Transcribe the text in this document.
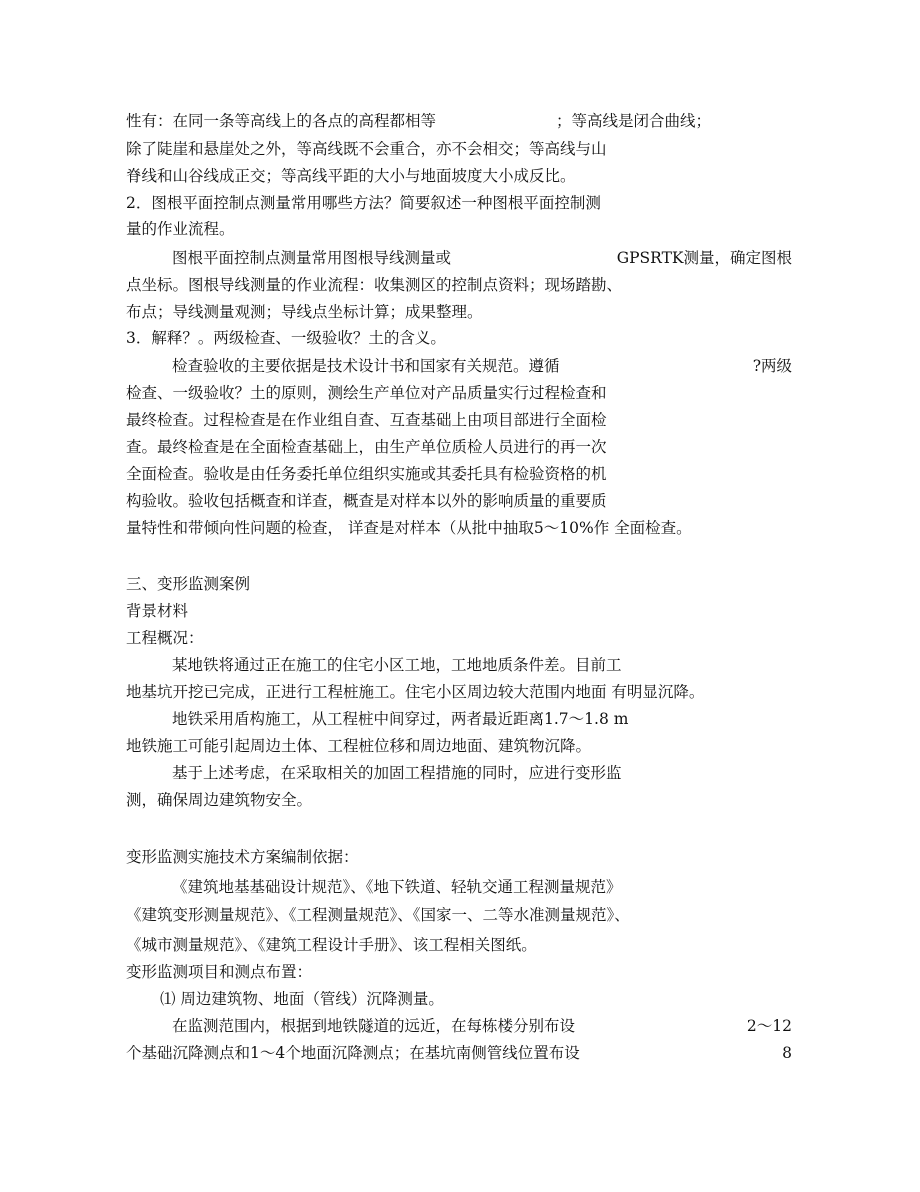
性有：在同一条等高线上的各点的高程都相等	；等高线是闭合曲线；
除了陡崖和悬崖处之外，等高线既不会重合，亦不会相交；等高线与山
脊线和山谷线成正交；等高线平距的大小与地面坡度大小成反比。
2．图根平面控制点测量常用哪些方法？简要叙述一种图根平面控制测
量的作业流程。
图根平面控制点测量常用图根导线测量或	GPSRTK测量，确定图根
点坐标。图根导线测量的作业流程：收集测区的控制点资料；现场踏勘、
布点；导线测量观测；导线点坐标计算；成果整理。
3．解释？。两级检查、一级验收？土的含义。
检查验收的主要依据是技术设计书和国家有关规范。遵循	?两级
检查、一级验收？土的原则，测绘生产单位对产品质量实行过程检查和
最终检查。过程检查是在作业组自查、互查基础上由项目部进行全面检
查。最终检查是在全面检查基础上，由生产单位质检人员进行的再一次
全面检查。验收是由任务委托单位组织实施或其委托具有检验资格的机
构验收。验收包括概查和详查，概查是对样本以外的影响质量的重要质
量特性和带倾向性问题的检查， 详查是对样本（从批中抽取5～10%作 全面检查。
三、变形监测案例
背景材料
工程概况：
某地铁将通过正在施工的住宅小区工地，工地地质条件差。目前工
地基坑开挖已完成，正进行工程桩施工。住宅小区周边较大范围内地面 有明显沉降。
地铁采用盾构施工，从工程桩中间穿过，两者最近距离1.7～1.8 m
地铁施工可能引起周边土体、工程桩位移和周边地面、建筑物沉降。
基于上述考虑，在采取相关的加固工程措施的同时，应进行变形监
测，确保周边建筑物安全。
变形监测实施技术方案编制依据：
《建筑地基基础设计规范》、《地下铁道、轻轨交通工程测量规范》
《建筑变形测量规范》、《工程测量规范》、《国家一、二等水准测量规范》、
《城市测量规范》、《建筑工程设计手册》、该工程相关图纸。
变形监测项目和测点布置：
⑴ 周边建筑物、地面（管线）沉降测量。
在监测范围内，根据到地铁隧道的远近，在每栋楼分别布设	2～12
个基础沉降测点和1～4个地面沉降测点；在基坑南侧管线位置布设	8
